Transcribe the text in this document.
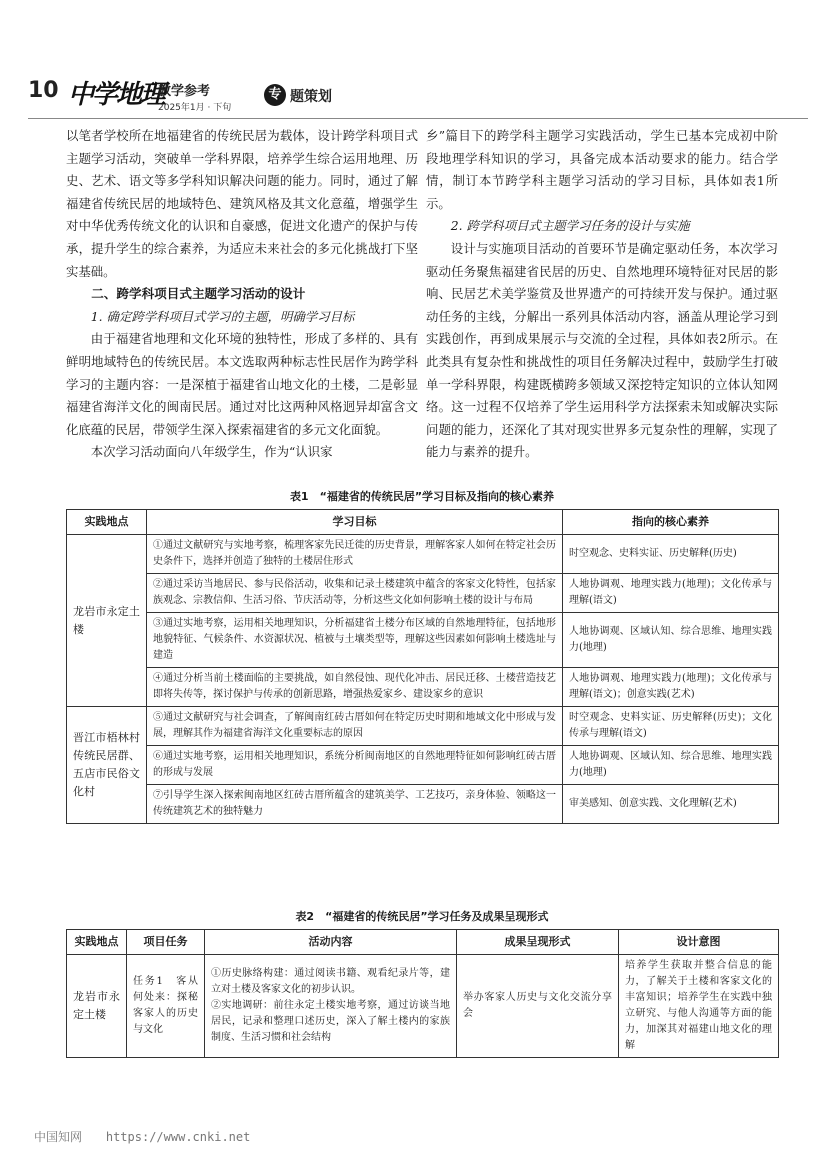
10 中学地理
教学参考
2025年1月 · 下旬
专 题策划

以笔者学校所在地福建省的传统民居为载体，设计跨学科项目式主题学习活动，突破单一学科界限，培养学生综合运用地理、历史、艺术、语文等多学科知识解决问题的能力。同时，通过了解福建省传统民居的地域特色、建筑风格及其文化意蕴，增强学生对中华优秀传统文化的认识和自豪感，促进文化遗产的保护与传承，提升学生的综合素养，为适应未来社会的多元化挑战打下坚实基础。

二、跨学科项目式主题学习活动的设计
1. 确定跨学科项目式学习的主题，明确学习目标

由于福建省地理和文化环境的独特性，形成了多样的、具有鲜明地域特色的传统民居。本文选取两种标志性民居作为跨学科学习的主题内容：一是深植于福建省山地文化的土楼，二是彰显福建省海洋文化的闽南民居。通过对比这两种风格迥异却富含文化底蕴的民居，带领学生深入探索福建省的多元文化面貌。

本次学习活动面向八年级学生，作为“认识家

乡”篇目下的跨学科主题学习实践活动，学生已基本完成初中阶段地理学科知识的学习，具备完成本活动要求的能力。结合学情，制订本节跨学科主题学习活动的学习目标，具体如表1所示。

2. 跨学科项目式主题学习任务的设计与实施

设计与实施项目活动的首要环节是确定驱动任务，本次学习驱动任务聚焦福建省民居的历史、自然地理环境特征对民居的影响、民居艺术美学鉴赏及世界遗产的可持续开发与保护。通过驱动任务的主线，分解出一系列具体活动内容，涵盖从理论学习到实践创作，再到成果展示与交流的全过程，具体如表2所示。在此类具有复杂性和挑战性的项目任务解决过程中，鼓励学生打破单一学科界限，构建既横跨多领域又深挖特定知识的立体认知网络。这一过程不仅培养了学生运用科学方法探索未知或解决实际问题的能力，还深化了其对现实世界多元复杂性的理解，实现了能力与素养的提升。

表1　“福建省的传统民居”学习目标及指向的核心素养
实践地点	学习目标	指向的核心素养
龙岩市永定土楼	①通过文献研究与实地考察，梳理客家先民迁徙的历史背景，理解客家人如何在特定社会历史条件下，选择并创造了独特的土楼居住形式	时空观念、史料实证、历史解释(历史)
	②通过采访当地居民、参与民俗活动，收集和记录土楼建筑中蕴含的客家文化特性，包括家族观念、宗教信仰、生活习俗、节庆活动等，分析这些文化如何影响土楼的设计与布局	人地协调观、地理实践力(地理)；文化传承与理解(语文)
	③通过实地考察，运用相关地理知识，分析福建省土楼分布区域的自然地理特征，包括地形地貌特征、气候条件、水资源状况、植被与土壤类型等，理解这些因素如何影响土楼选址与建造	人地协调观、区域认知、综合思维、地理实践力(地理)
	④通过分析当前土楼面临的主要挑战，如自然侵蚀、现代化冲击、居民迁移、土楼营造技艺即将失传等，探讨保护与传承的创新思路，增强热爱家乡、建设家乡的意识	人地协调观、地理实践力(地理)；文化传承与理解(语文)；创意实践(艺术)
晋江市梧林村传统民居群、五店市民俗文化村	⑤通过文献研究与社会调查，了解闽南红砖古厝如何在特定历史时期和地域文化中形成与发展，理解其作为福建省海洋文化重要标志的原因	时空观念、史料实证、历史解释(历史)；文化传承与理解(语文)
	⑥通过实地考察，运用相关地理知识，系统分析闽南地区的自然地理特征如何影响红砖古厝的形成与发展	人地协调观、区域认知、综合思维、地理实践力(地理)
	⑦引导学生深入探索闽南地区红砖古厝所蕴含的建筑美学、工艺技巧，亲身体验、领略这一传统建筑艺术的独特魅力	审美感知、创意实践、文化理解(艺术)
表2　“福建省的传统民居”学习任务及成果呈现形式
实践地点	项目任务	活动内容	成果呈现形式	设计意图
龙岩市永定土楼	任务1　客从何处来：探秘客家人的历史与文化	①历史脉络构建：通过阅读书籍、观看纪录片等，建立对土楼及客家文化的初步认识。
②实地调研：前往永定土楼实地考察，通过访谈当地居民，记录和整理口述历史，深入了解土楼内的家族制度、生活习惯和社会结构	举办客家人历史与文化交流分享会	培养学生获取并整合信息的能力，了解关于土楼和客家文化的丰富知识；培养学生在实践中独立研究、与他人沟通等方面的能力，加深其对福建山地文化的理解
中国知网 https://www.cnki.net
